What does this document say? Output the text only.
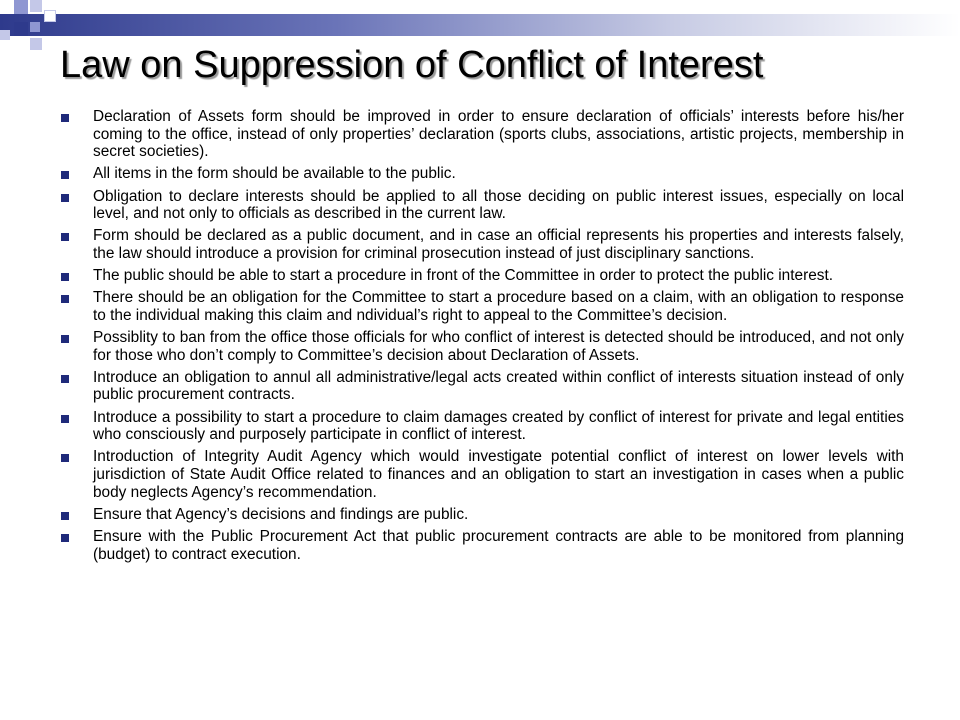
Law on Suppression of Conflict of Interest
Declaration of Assets form should be improved in order to ensure declaration of officials’ interests before his/her coming to the office, instead of only properties’ declaration (sports clubs, associations, artistic projects, membership in secret societies).
All items in the form should be available to the public.
Obligation to declare interests should be applied to all those deciding on public interest issues, especially on local level, and not only to officials as described in the current law.
Form should be declared as a public document, and in case an official represents his properties and interests falsely, the law should introduce a provision for criminal prosecution instead of just disciplinary sanctions.
The public should be able to start a procedure in front of the Committee in order to protect the public interest.
There should be an obligation for the Committee to start a procedure based on a claim, with an obligation to response to the individual making this claim and ndividual’s right to appeal to the Committee’s decision.
Possiblity to ban from the office those officials for who conflict of interest is detected should be introduced, and not only for those who don’t comply to Committee’s decision about Declaration of Assets.
Introduce an obligation to annul all administrative/legal acts created within conflict of interests situation instead of only public procurement contracts.
Introduce a possibility to start a procedure to claim damages created by conflict of interest for private and legal entities who consciously and purposely participate in conflict of interest.
Introduction of Integrity Audit Agency which would investigate potential conflict of interest on lower levels with jurisdiction of State Audit Office related to finances and an obligation to start an investigation in cases when a public body neglects Agency’s recommendation.
Ensure that Agency’s decisions and findings are public.
Ensure with the Public Procurement Act that public procurement contracts are able to be monitored from planning (budget) to contract execution.
